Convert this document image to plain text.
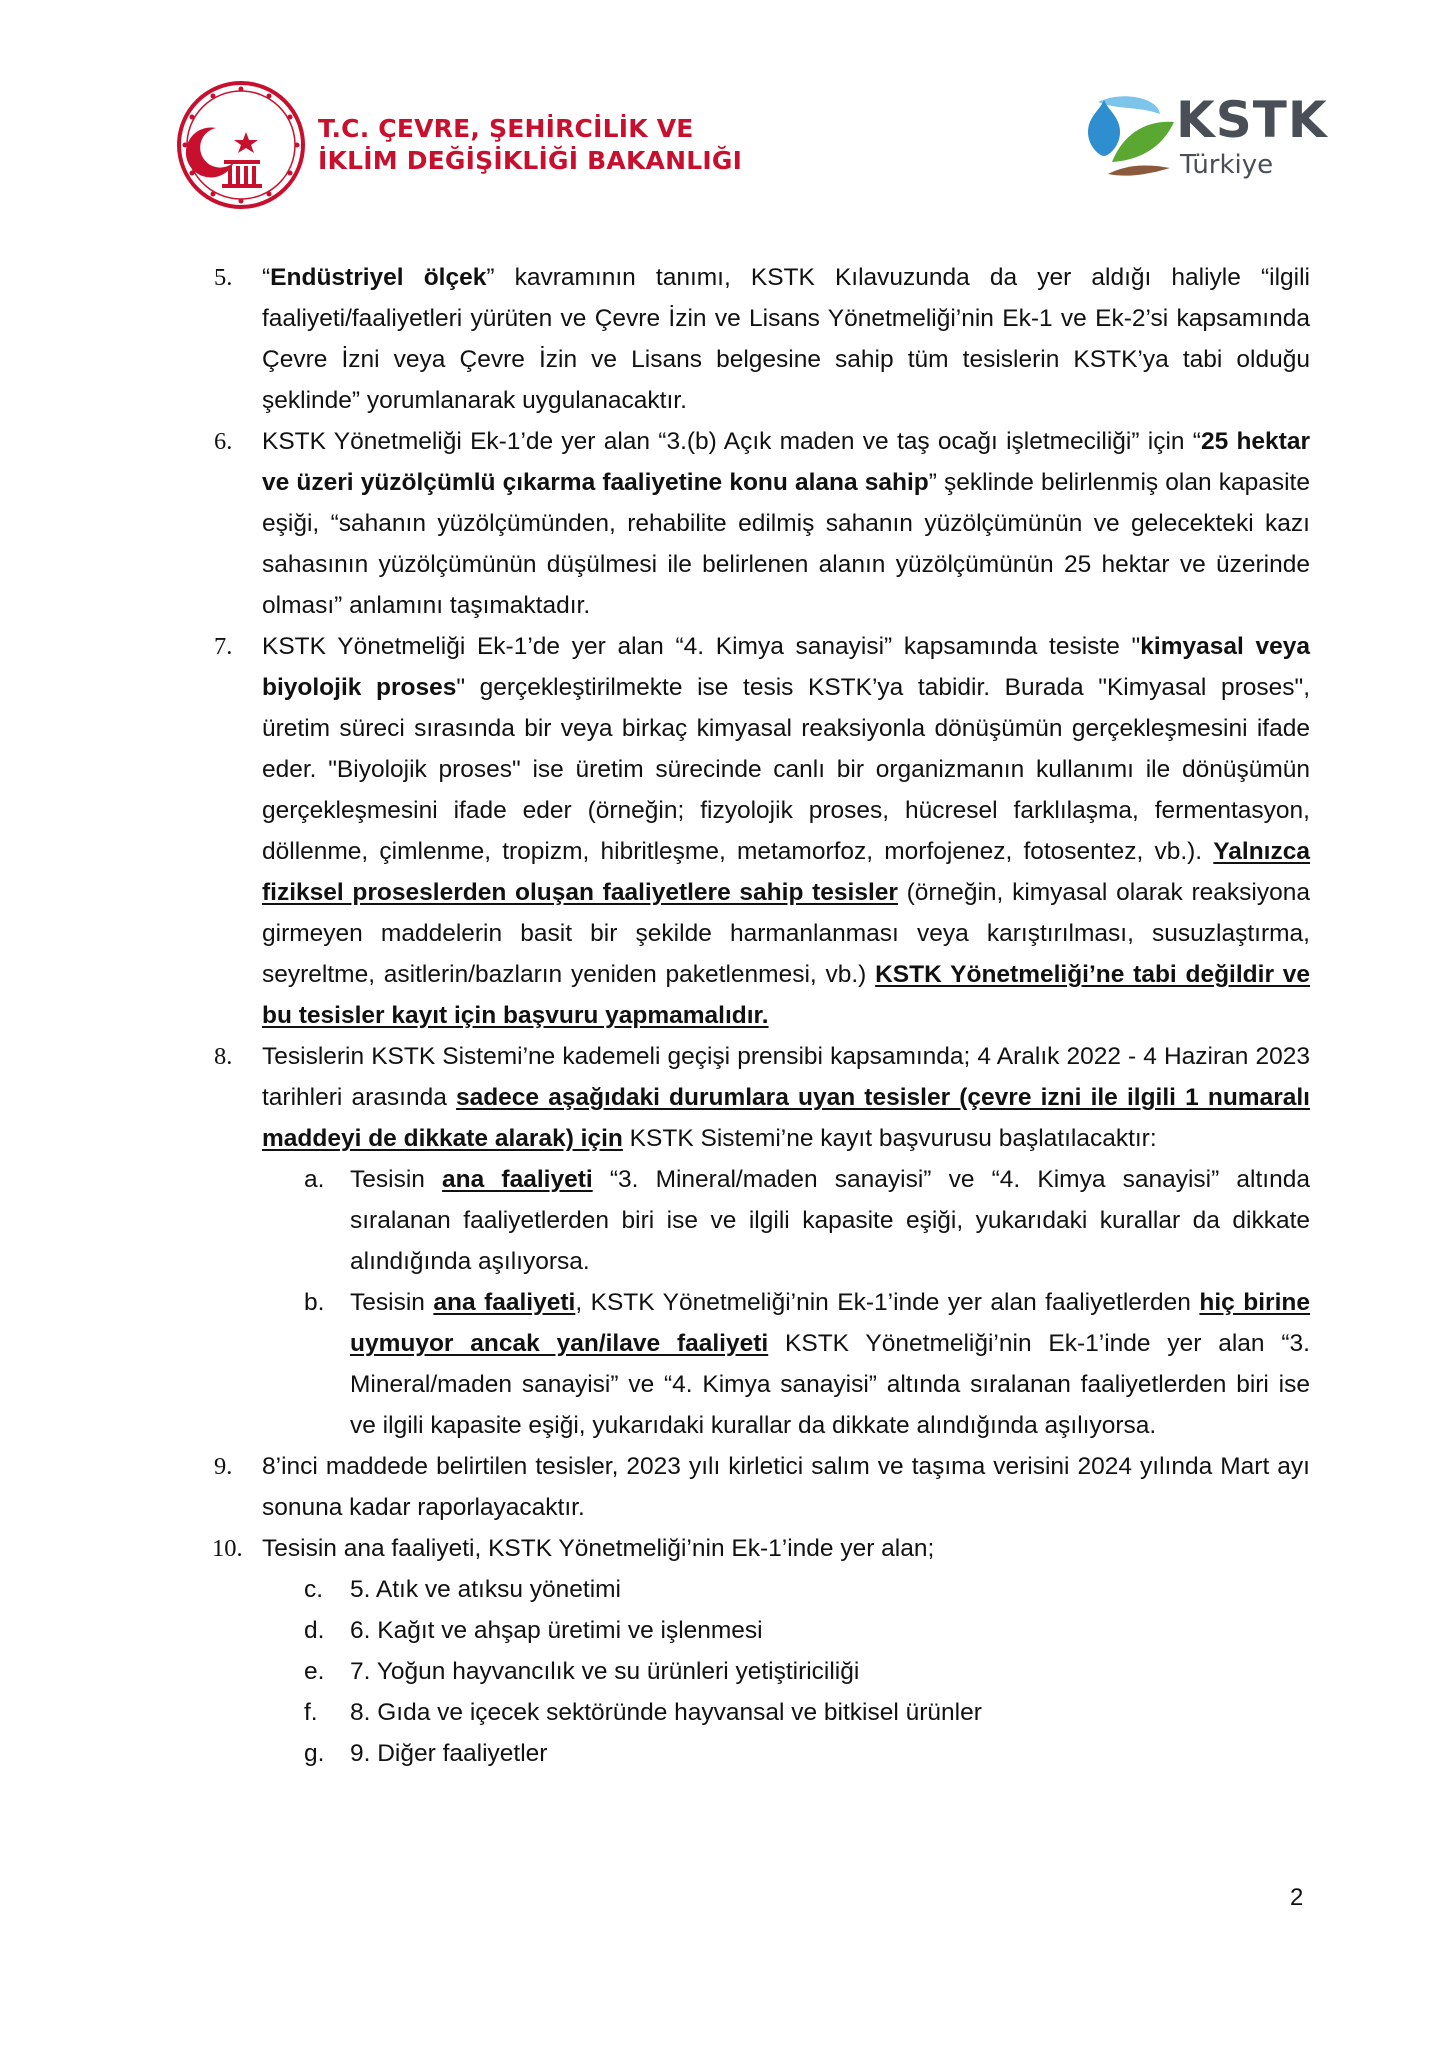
T.C. ÇEVRE, ŞEHİRCİLİK VE
İKLİM DEĞİŞİKLİĞİ BAKANLIĞI
KSTK
Türkiye
5. “Endüstriyel ölçek” kavramının tanımı, KSTK Kılavuzunda da yer aldığı haliyle “ilgili faaliyeti/faaliyetleri yürüten ve Çevre İzin ve Lisans Yönetmeliği’nin Ek-1 ve Ek-2’si kapsamında Çevre İzni veya Çevre İzin ve Lisans belgesine sahip tüm tesislerin KSTK’ya tabi olduğu şeklinde” yorumlanarak uygulanacaktır.
6. KSTK Yönetmeliği Ek-1’de yer alan “3.(b) Açık maden ve taş ocağı işletmeciliği” için “25 hektar ve üzeri yüzölçümlü çıkarma faaliyetine konu alana sahip” şeklinde belirlenmiş olan kapasite eşiği, “sahanın yüzölçümünden, rehabilite edilmiş sahanın yüzölçümünün ve gelecekteki kazı sahasının yüzölçümünün düşülmesi ile belirlenen alanın yüzölçümünün 25 hektar ve üzerinde olması” anlamını taşımaktadır.
7. KSTK Yönetmeliği Ek-1’de yer alan “4. Kimya sanayisi” kapsamında tesiste "kimyasal veya biyolojik proses" gerçekleştirilmekte ise tesis KSTK’ya tabidir. Burada "Kimyasal proses", üretim süreci sırasında bir veya birkaç kimyasal reaksiyonla dönüşümün gerçekleşmesini ifade eder. "Biyolojik proses" ise üretim sürecinde canlı bir organizmanın kullanımı ile dönüşümün gerçekleşmesini ifade eder (örneğin; fizyolojik proses, hücresel farklılaşma, fermentasyon, döllenme, çimlenme, tropizm, hibritleşme, metamorfoz, morfojenez, fotosentez, vb.). Yalnızca fiziksel proseslerden oluşan faaliyetlere sahip tesisler (örneğin, kimyasal olarak reaksiyona girmeyen maddelerin basit bir şekilde harmanlanması veya karıştırılması, susuzlaştırma, seyreltme, asitlerin/bazların yeniden paketlenmesi, vb.) KSTK Yönetmeliği’ne tabi değildir ve bu tesisler kayıt için başvuru yapmamalıdır.
8. Tesislerin KSTK Sistemi’ne kademeli geçişi prensibi kapsamında; 4 Aralık 2022 - 4 Haziran 2023 tarihleri arasında sadece aşağıdaki durumlara uyan tesisler (çevre izni ile ilgili 1 numaralı maddeyi de dikkate alarak) için KSTK Sistemi’ne kayıt başvurusu başlatılacaktır:
a. Tesisin ana faaliyeti “3. Mineral/maden sanayisi” ve “4. Kimya sanayisi” altında sıralanan faaliyetlerden biri ise ve ilgili kapasite eşiği, yukarıdaki kurallar da dikkate alındığında aşılıyorsa.
b. Tesisin ana faaliyeti, KSTK Yönetmeliği’nin Ek-1’inde yer alan faaliyetlerden hiç birine uymuyor ancak yan/ilave faaliyeti KSTK Yönetmeliği’nin Ek-1’inde yer alan “3. Mineral/maden sanayisi” ve “4. Kimya sanayisi” altında sıralanan faaliyetlerden biri ise ve ilgili kapasite eşiği, yukarıdaki kurallar da dikkate alındığında aşılıyorsa.
9. 8’inci maddede belirtilen tesisler, 2023 yılı kirletici salım ve taşıma verisini 2024 yılında Mart ayı sonuna kadar raporlayacaktır.
10. Tesisin ana faaliyeti, KSTK Yönetmeliği’nin Ek-1’inde yer alan;
c. 5. Atık ve atıksu yönetimi
d. 6. Kağıt ve ahşap üretimi ve işlenmesi
e. 7. Yoğun hayvancılık ve su ürünleri yetiştiriciliği
f. 8. Gıda ve içecek sektöründe hayvansal ve bitkisel ürünler
g. 9. Diğer faaliyetler
2
